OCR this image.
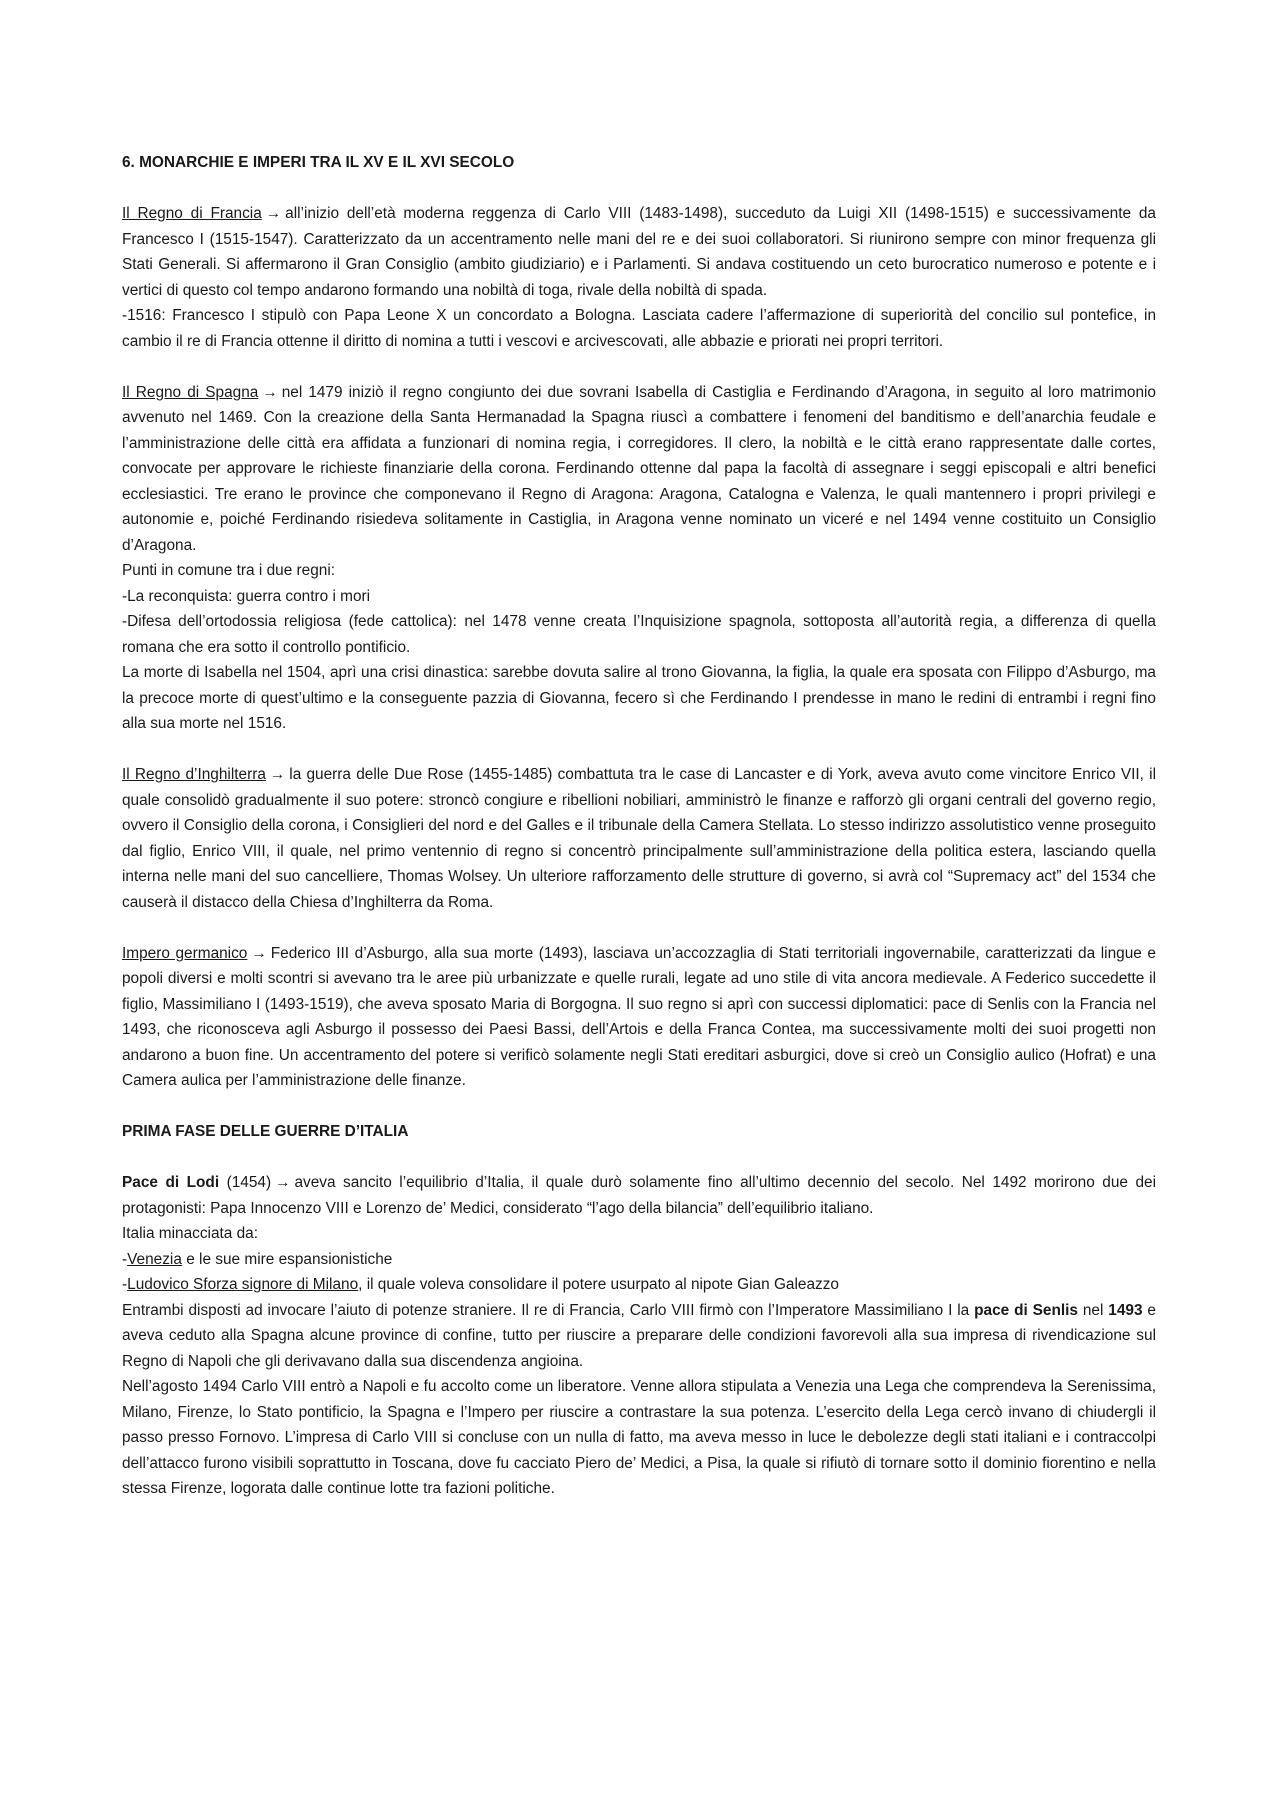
6. MONARCHIE E IMPERI TRA IL XV E IL XVI SECOLO

Il Regno di Francia → all’inizio dell’età moderna reggenza di Carlo VIII (1483-1498), succeduto da Luigi XII (1498-1515) e successivamente da Francesco I (1515-1547). Caratterizzato da un accentramento nelle mani del re e dei suoi collaboratori. Si riunirono sempre con minor frequenza gli Stati Generali. Si affermarono il Gran Consiglio (ambito giudiziario) e i Parlamenti. Si andava costituendo un ceto burocratico numeroso e potente e i vertici di questo col tempo andarono formando una nobiltà di toga, rivale della nobiltà di spada.

-1516: Francesco I stipulò con Papa Leone X un concordato a Bologna. Lasciata cadere l’affermazione di superiorità del concilio sul pontefice, in cambio il re di Francia ottenne il diritto di nomina a tutti i vescovi e arcivescovati, alle abbazie e priorati nei propri territori.

Il Regno di Spagna → nel 1479 iniziò il regno congiunto dei due sovrani Isabella di Castiglia e Ferdinando d’Aragona, in seguito al loro matrimonio avvenuto nel 1469. Con la creazione della Santa Hermanadad la Spagna riuscì a combattere i fenomeni del banditismo e dell’anarchia feudale e l’amministrazione delle città era affidata a funzionari di nomina regia, i corregidores. Il clero, la nobiltà e le città erano rappresentate dalle cortes, convocate per approvare le richieste finanziarie della corona. Ferdinando ottenne dal papa la facoltà di assegnare i seggi episcopali e altri benefici ecclesiastici. Tre erano le province che componevano il Regno di Aragona: Aragona, Catalogna e Valenza, le quali mantennero i propri privilegi e autonomie e, poiché Ferdinando risiedeva solitamente in Castiglia, in Aragona venne nominato un viceré e nel 1494 venne costituito un Consiglio d’Aragona.

Punti in comune tra i due regni:

-La reconquista: guerra contro i mori

-Difesa dell’ortodossia religiosa (fede cattolica): nel 1478 venne creata l’Inquisizione spagnola, sottoposta all’autorità regia, a differenza di quella romana che era sotto il controllo pontificio.

La morte di Isabella nel 1504, aprì una crisi dinastica: sarebbe dovuta salire al trono Giovanna, la figlia, la quale era sposata con Filippo d’Asburgo, ma la precoce morte di quest’ultimo e la conseguente pazzia di Giovanna, fecero sì che Ferdinando I prendesse in mano le redini di entrambi i regni fino alla sua morte nel 1516.

Il Regno d’Inghilterra → la guerra delle Due Rose (1455-1485) combattuta tra le case di Lancaster e di York, aveva avuto come vincitore Enrico VII, il quale consolidò gradualmente il suo potere: stroncò congiure e ribellioni nobiliari, amministrò le finanze e rafforzò gli organi centrali del governo regio, ovvero il Consiglio della corona, i Consiglieri del nord e del Galles e il tribunale della Camera Stellata. Lo stesso indirizzo assolutistico venne proseguito dal figlio, Enrico VIII, il quale, nel primo ventennio di regno si concentrò principalmente sull’amministrazione della politica estera, lasciando quella interna nelle mani del suo cancelliere, Thomas Wolsey. Un ulteriore rafforzamento delle strutture di governo, si avrà col “Supremacy act” del 1534 che causerà il distacco della Chiesa d’Inghilterra da Roma.

Impero germanico → Federico III d’Asburgo, alla sua morte (1493), lasciava un’accozzaglia di Stati territoriali ingovernabile, caratterizzati da lingue e popoli diversi e molti scontri si avevano tra le aree più urbanizzate e quelle rurali, legate ad uno stile di vita ancora medievale. A Federico succedette il figlio, Massimiliano I (1493-1519), che aveva sposato Maria di Borgogna. Il suo regno si aprì con successi diplomatici: pace di Senlis con la Francia nel 1493, che riconosceva agli Asburgo il possesso dei Paesi Bassi, dell’Artois e della Franca Contea, ma successivamente molti dei suoi progetti non andarono a buon fine. Un accentramento del potere si verificò solamente negli Stati ereditari asburgici, dove si creò un Consiglio aulico (Hofrat) e una Camera aulica per l’amministrazione delle finanze.

PRIMA FASE DELLE GUERRE D’ITALIA

Pace di Lodi (1454) → aveva sancito l’equilibrio d’Italia, il quale durò solamente fino all’ultimo decennio del secolo. Nel 1492 morirono due dei protagonisti: Papa Innocenzo VIII e Lorenzo de’ Medici, considerato “l’ago della bilancia” dell’equilibrio italiano.

Italia minacciata da:

-Venezia e le sue mire espansionistiche

-Ludovico Sforza signore di Milano, il quale voleva consolidare il potere usurpato al nipote Gian Galeazzo

Entrambi disposti ad invocare l’aiuto di potenze straniere. Il re di Francia, Carlo VIII firmò con l’Imperatore Massimiliano I la pace di Senlis nel 1493 e aveva ceduto alla Spagna alcune province di confine, tutto per riuscire a preparare delle condizioni favorevoli alla sua impresa di rivendicazione sul Regno di Napoli che gli derivavano dalla sua discendenza angioina.

Nell’agosto 1494 Carlo VIII entrò a Napoli e fu accolto come un liberatore. Venne allora stipulata a Venezia una Lega che comprendeva la Serenissima, Milano, Firenze, lo Stato pontificio, la Spagna e l’Impero per riuscire a contrastare la sua potenza. L’esercito della Lega cercò invano di chiudergli il passo presso Fornovo. L’impresa di Carlo VIII si concluse con un nulla di fatto, ma aveva messo in luce le debolezze degli stati italiani e i contraccolpi dell’attacco furono visibili soprattutto in Toscana, dove fu cacciato Piero de’ Medici, a Pisa, la quale si rifiutò di tornare sotto il dominio fiorentino e nella stessa Firenze, logorata dalle continue lotte tra fazioni politiche.
